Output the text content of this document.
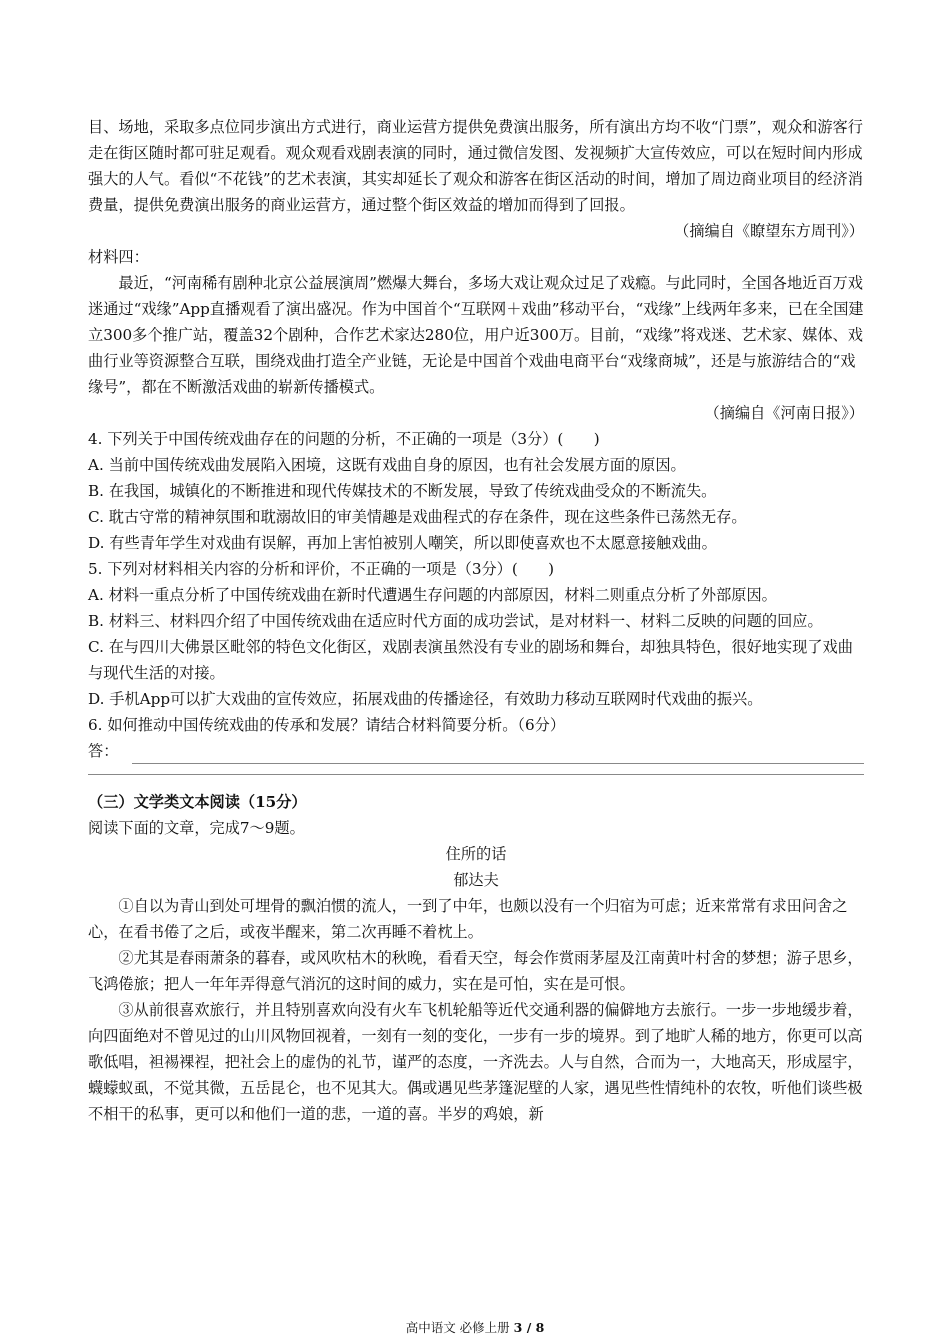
目、场地，采取多点位同步演出方式进行，商业运营方提供免费演出服务，所有演出方均不收“门票”，观众和游客行走在街区随时都可驻足观看。观众观看戏剧表演的同时，通过微信发图、发视频扩大宣传效应，可以在短时间内形成强大的人气。看似“不花钱”的艺术表演，其实却延长了观众和游客在街区活动的时间，增加了周边商业项目的经济消费量，提供免费演出服务的商业运营方，通过整个街区效益的增加而得到了回报。

（摘编自《瞭望东方周刊》）

材料四：

最近，“河南稀有剧种北京公益展演周”燃爆大舞台，多场大戏让观众过足了戏瘾。与此同时，全国各地近百万戏迷通过“戏缘”App直播观看了演出盛况。作为中国首个“互联网＋戏曲”移动平台，“戏缘”上线两年多来，已在全国建立300多个推广站，覆盖32个剧种，合作艺术家达280位，用户近300万。目前，“戏缘”将戏迷、艺术家、媒体、戏曲行业等资源整合互联，围绕戏曲打造全产业链，无论是中国首个戏曲电商平台“戏缘商城”，还是与旅游结合的“戏缘号”，都在不断激活戏曲的崭新传播模式。

（摘编自《河南日报》）

4. 下列关于中国传统戏曲存在的问题的分析，不正确的一项是（3分）(　　)

A. 当前中国传统戏曲发展陷入困境，这既有戏曲自身的原因，也有社会发展方面的原因。

B. 在我国，城镇化的不断推进和现代传媒技术的不断发展，导致了传统戏曲受众的不断流失。

C. 耽古守常的精神氛围和耽溺故旧的审美情趣是戏曲程式的存在条件，现在这些条件已荡然无存。

D. 有些青年学生对戏曲有误解，再加上害怕被别人嘲笑，所以即使喜欢也不太愿意接触戏曲。

5. 下列对材料相关内容的分析和评价，不正确的一项是（3分）(　　)

A. 材料一重点分析了中国传统戏曲在新时代遭遇生存问题的内部原因，材料二则重点分析了外部原因。

B. 材料三、材料四介绍了中国传统戏曲在适应时代方面的成功尝试，是对材料一、材料二反映的问题的回应。

C. 在与四川大佛景区毗邻的特色文化街区，戏剧表演虽然没有专业的剧场和舞台，却独具特色，很好地实现了戏曲与现代生活的对接。

D. 手机App可以扩大戏曲的宣传效应，拓展戏曲的传播途径，有效助力移动互联网时代戏曲的振兴。

6. 如何推动中国传统戏曲的传承和发展？请结合材料简要分析。（6分）

答：

（三）文学类文本阅读（15分）

阅读下面的文章，完成7～9题。

住所的话

郁达夫

①自以为青山到处可埋骨的飘泊惯的流人，一到了中年，也颇以没有一个归宿为可虑；近来常常有求田问舍之心，在看书倦了之后，或夜半醒来，第二次再睡不着枕上。

②尤其是春雨萧条的暮春，或风吹枯木的秋晚，看看天空，每会作赏雨茅屋及江南黄叶村舍的梦想；游子思乡，飞鸿倦旅；把人一年年弄得意气消沉的这时间的威力，实在是可怕，实在是可恨。

③从前很喜欢旅行，并且特别喜欢向没有火车飞机轮船等近代交通利器的偏僻地方去旅行。一步一步地缓步着， 向四面绝对不曾见过的山川风物回视着，一刻有一刻的变化，一步有一步的境界。到了地旷人稀的地方，你更可以高歌低唱，袒裼裸裎，把社会上的虚伪的礼节，谨严的态度，一齐洗去。人与自然，合而为一，大地高天，形成屋宇，蠛蠓蚁虱，不觉其微，五岳昆仑，也不见其大。偶或遇见些茅篷泥壁的人家，遇见些性情纯朴的农牧，听他们谈些极不相干的私事，更可以和他们一道的悲，一道的喜。半岁的鸡娘，新

高中语文 必修上册 3 / 8
